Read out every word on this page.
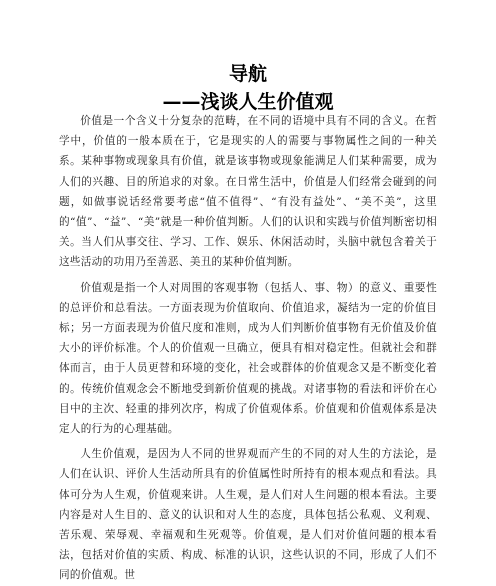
导航
——浅谈人生价值观

价值是一个含义十分复杂的范畴，在不同的语境中具有不同的含义。在哲学中，价值的一般本质在于，它是现实的人的需要与事物属性之间的一种关系。某种事物或现象具有价值，就是该事物或现象能满足人们某种需要，成为人们的兴趣、目的所追求的对象。在日常生活中，价值是人们经常会碰到的问题，如做事说话经常要考虑“值不值得”、“有没有益处”、“美不美”，这里的“值”、“益”、“美”就是一种价值判断。人们的认识和实践与价值判断密切相关。当人们从事交往、学习、工作、娱乐、休闲活动时，头脑中就包含着关于这些活动的功用乃至善恶、美丑的某种价值判断。

价值观是指一个人对周围的客观事物（包括人、事、物）的意义、重要性的总评价和总看法。一方面表现为价值取向、价值追求，凝结为一定的价值目标；另一方面表现为价值尺度和准则，成为人们判断价值事物有无价值及价值大小的评价标准。个人的价值观一旦确立，便具有相对稳定性。但就社会和群体而言，由于人员更替和环境的变化，社会或群体的价值观念又是不断变化着的。传统价值观念会不断地受到新价值观的挑战。对诸事物的看法和评价在心目中的主次、轻重的排列次序，构成了价值观体系。价值观和价值观体系是决定人的行为的心理基础。

人生价值观，是因为人不同的世界观而产生的不同的对人生的方法论，是人们在认识、评价人生活动所具有的价值属性时所持有的根本观点和看法。具体可分为人生观，价值观来讲。人生观，是人们对人生问题的根本看法。主要内容是对人生目的、意义的认识和对人生的态度，具体包括公私观、义利观、苦乐观、荣辱观、幸福观和生死观等。价值观，是人们对价值问题的根本看法，包括对价值的实质、构成、标准的认识，这些认识的不同，形成了人们不同的价值观。世
